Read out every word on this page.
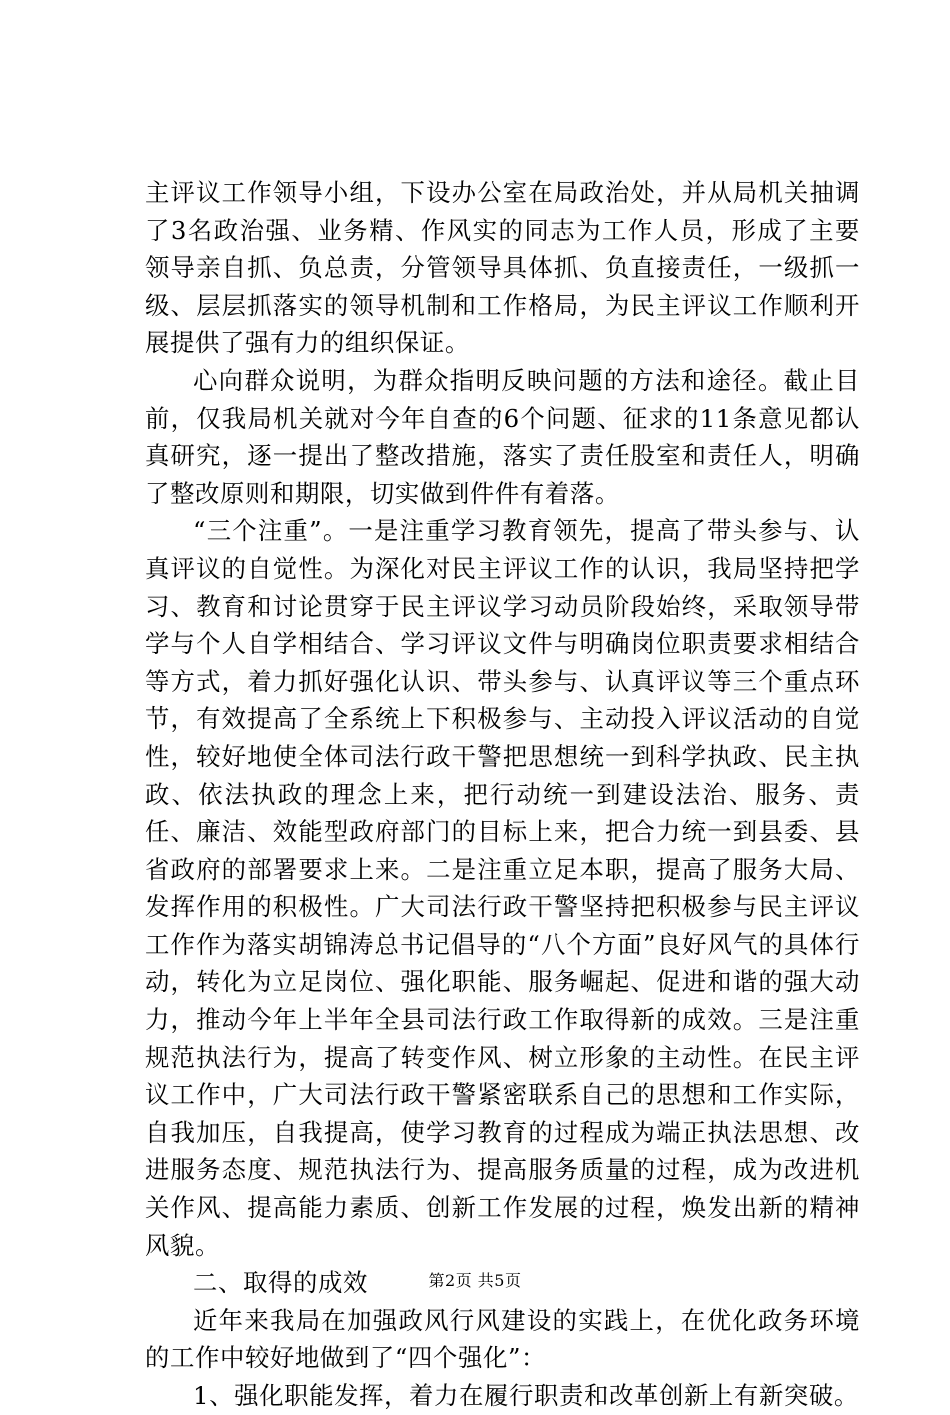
主评议工作领导小组，下设办公室在局政治处，并从局机关抽调了3名政治强、业务精、作风实的同志为工作人员，形成了主要领导亲自抓、负总责，分管领导具体抓、负直接责任，一级抓一级、层层抓落实的领导机制和工作格局，为民主评议工作顺利开展提供了强有力的组织保证。

心向群众说明，为群众指明反映问题的方法和途径。截止目前，仅我局机关就对今年自查的6个问题、征求的11条意见都认真研究，逐一提出了整改措施，落实了责任股室和责任人，明确了整改原则和期限，切实做到件件有着落。

“三个注重”。一是注重学习教育领先，提高了带头参与、认真评议的自觉性。为深化对民主评议工作的认识，我局坚持把学习、教育和讨论贯穿于民主评议学习动员阶段始终，采取领导带学与个人自学相结合、学习评议文件与明确岗位职责要求相结合等方式，着力抓好强化认识、带头参与、认真评议等三个重点环节，有效提高了全系统上下积极参与、主动投入评议活动的自觉性，较好地使全体司法行政干警把思想统一到科学执政、民主执政、依法执政的理念上来，把行动统一到建设法治、服务、责任、廉洁、效能型政府部门的目标上来，把合力统一到县委、县省政府的部署要求上来。二是注重立足本职，提高了服务大局、发挥作用的积极性。广大司法行政干警坚持把积极参与民主评议工作作为落实胡锦涛总书记倡导的“八个方面”良好风气的具体行动，转化为立足岗位、强化职能、服务崛起、促进和谐的强大动力，推动今年上半年全县司法行政工作取得新的成效。三是注重规范执法行为，提高了转变作风、树立形象的主动性。在民主评议工作中，广大司法行政干警紧密联系自己的思想和工作实际，自我加压，自我提高，使学习教育的过程成为端正执法思想、改进服务态度、规范执法行为、提高服务质量的过程，成为改进机关作风、提高能力素质、创新工作发展的过程，焕发出新的精神风貌。

二、取得的成效

近年来我局在加强政风行风建设的实践上，在优化政务环境的工作中较好地做到了“四个强化”：

1、强化职能发挥，着力在履行职责和改革创新上有新突破。

第2页 共5页
